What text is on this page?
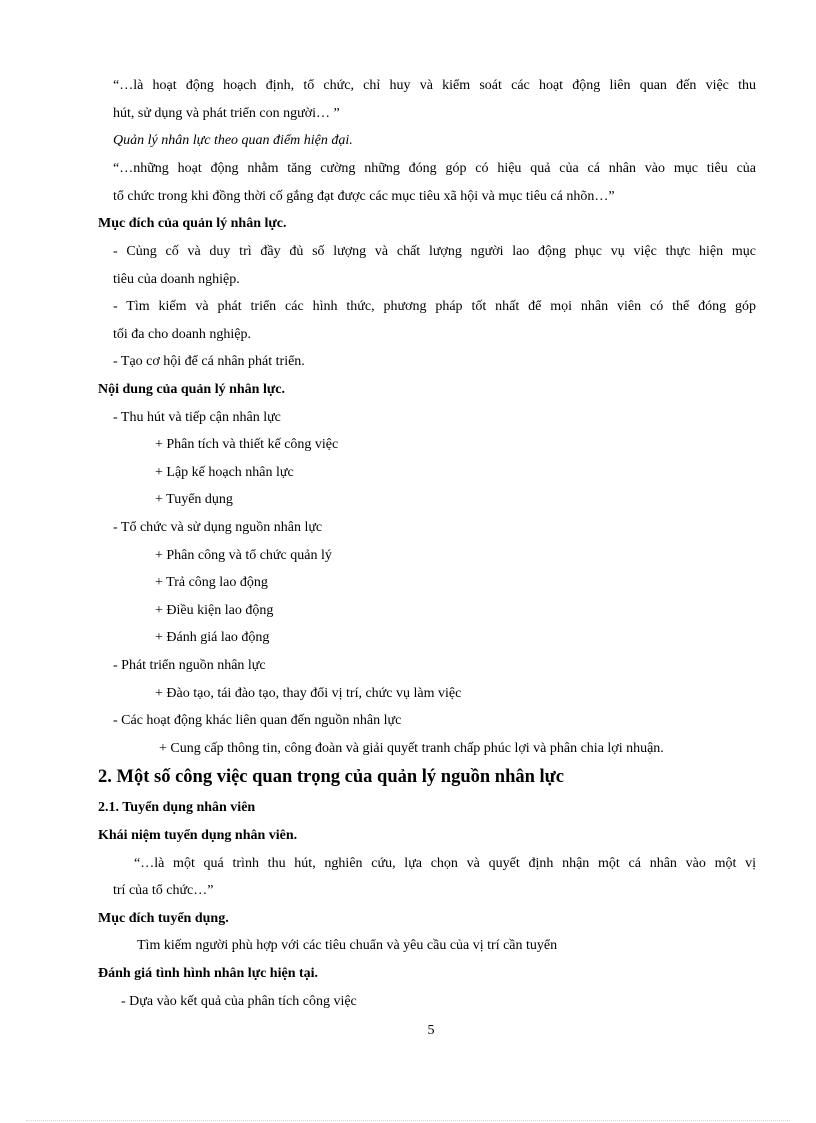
“…là hoạt động hoạch định, tổ chức, chỉ huy và kiểm soát các hoạt động liên quan đến việc thu
hút, sử dụng và phát triển con người… ”
Quản lý nhân lực theo quan điểm hiện đại.
“…những hoạt động nhằm tăng cường những đóng góp có hiệu quả của cá nhân vào mục tiêu của
tổ chức trong khi đồng thời cố gắng đạt được các mục tiêu xã hội và mục tiêu cá nhõn…”
Mục đích của quản lý nhân lực.
- Củng cố và duy trì đầy đủ số lượng và chất lượng người lao động phục vụ việc thực hiện mục
tiêu của doanh nghiệp.
- Tìm kiếm và phát triển các hình thức, phương pháp tốt nhất để mọi nhân viên có thể đóng góp
tối đa cho doanh nghiệp.
- Tạo cơ hội để cá nhân phát triển.
Nội dung của quản lý nhân lực.
- Thu hút và tiếp cận nhân lực
+ Phân tích và thiết kế công việc
+ Lập kế hoạch nhân lực
+ Tuyển dụng
- Tổ chức và sử dụng nguồn nhân lực
+ Phân công và tổ chức quản lý
+ Trả công lao động
+ Điều kiện lao động
+ Đánh giá lao động
- Phát triển nguồn nhân lực
+ Đào tạo, tái đào tạo, thay đổi vị trí, chức vụ làm việc
- Các hoạt động khác liên quan đến nguồn nhân lực
+ Cung cấp thông tin, công đoàn và giải quyết tranh chấp phúc lợi và phân chia lợi nhuận.
2. Một số công việc quan trọng của quản lý nguồn nhân lực
2.1. Tuyển dụng nhân viên
Khái niệm tuyển dụng nhân viên.
“…là một quá trình thu hút, nghiên cứu, lựa chọn và quyết định nhận một cá nhân vào một vị
trí của tổ chức…”
Mục đích tuyển dụng.
Tìm kiếm người phù hợp với các tiêu chuẩn và yêu cầu của vị trí cần tuyển
Đánh giá tình hình nhân lực hiện tại.
- Dựa vào kết quả của phân tích công việc
5
